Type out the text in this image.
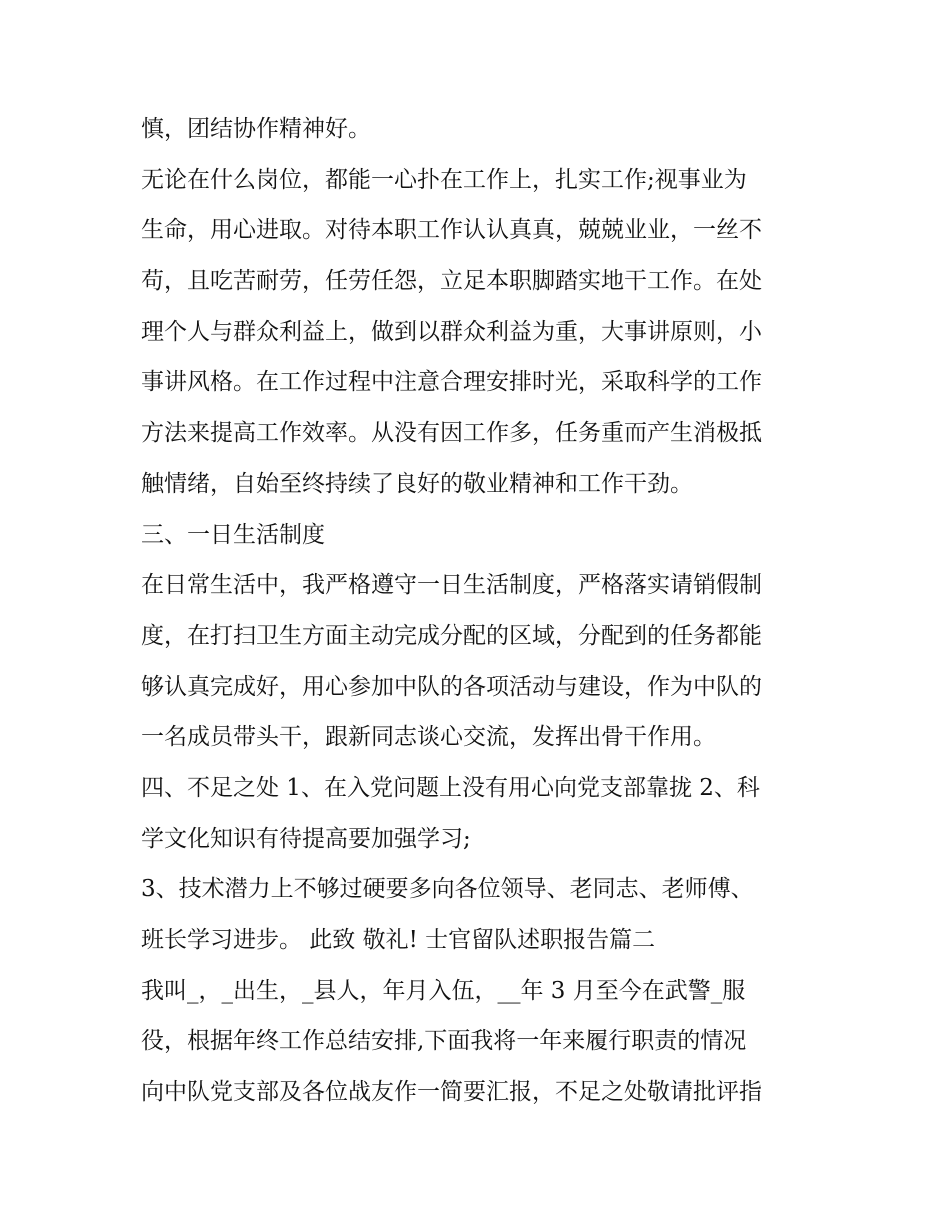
慎，团结协作精神好。
无论在什么岗位，都能一心扑在工作上，扎实工作;视事业为
生命，用心进取。对待本职工作认认真真，兢兢业业，一丝不
苟，且吃苦耐劳，任劳任怨，立足本职脚踏实地干工作。在处
理个人与群众利益上，做到以群众利益为重，大事讲原则，小
事讲风格。在工作过程中注意合理安排时光，采取科学的工作
方法来提高工作效率。从没有因工作多，任务重而产生消极抵
触情绪，自始至终持续了良好的敬业精神和工作干劲。
三、一日生活制度
在日常生活中，我严格遵守一日生活制度，严格落实请销假制
度，在打扫卫生方面主动完成分配的区域，分配到的任务都能
够认真完成好，用心参加中队的各项活动与建设，作为中队的
一名成员带头干，跟新同志谈心交流，发挥出骨干作用。
四、不足之处 1、在入党问题上没有用心向党支部靠拢 2、科
学文化知识有待提高要加强学习;
3、技术潜力上不够过硬要多向各位领导、老同志、老师傅、
班长学习进步。 此致 敬礼! 士官留队述职报告篇二
我叫_，_出生，_县人，年月入伍，__年 3 月至今在武警_服
役，根据年终工作总结安排,下面我将一年来履行职责的情况
向中队党支部及各位战友作一简要汇报，不足之处敬请批评指
